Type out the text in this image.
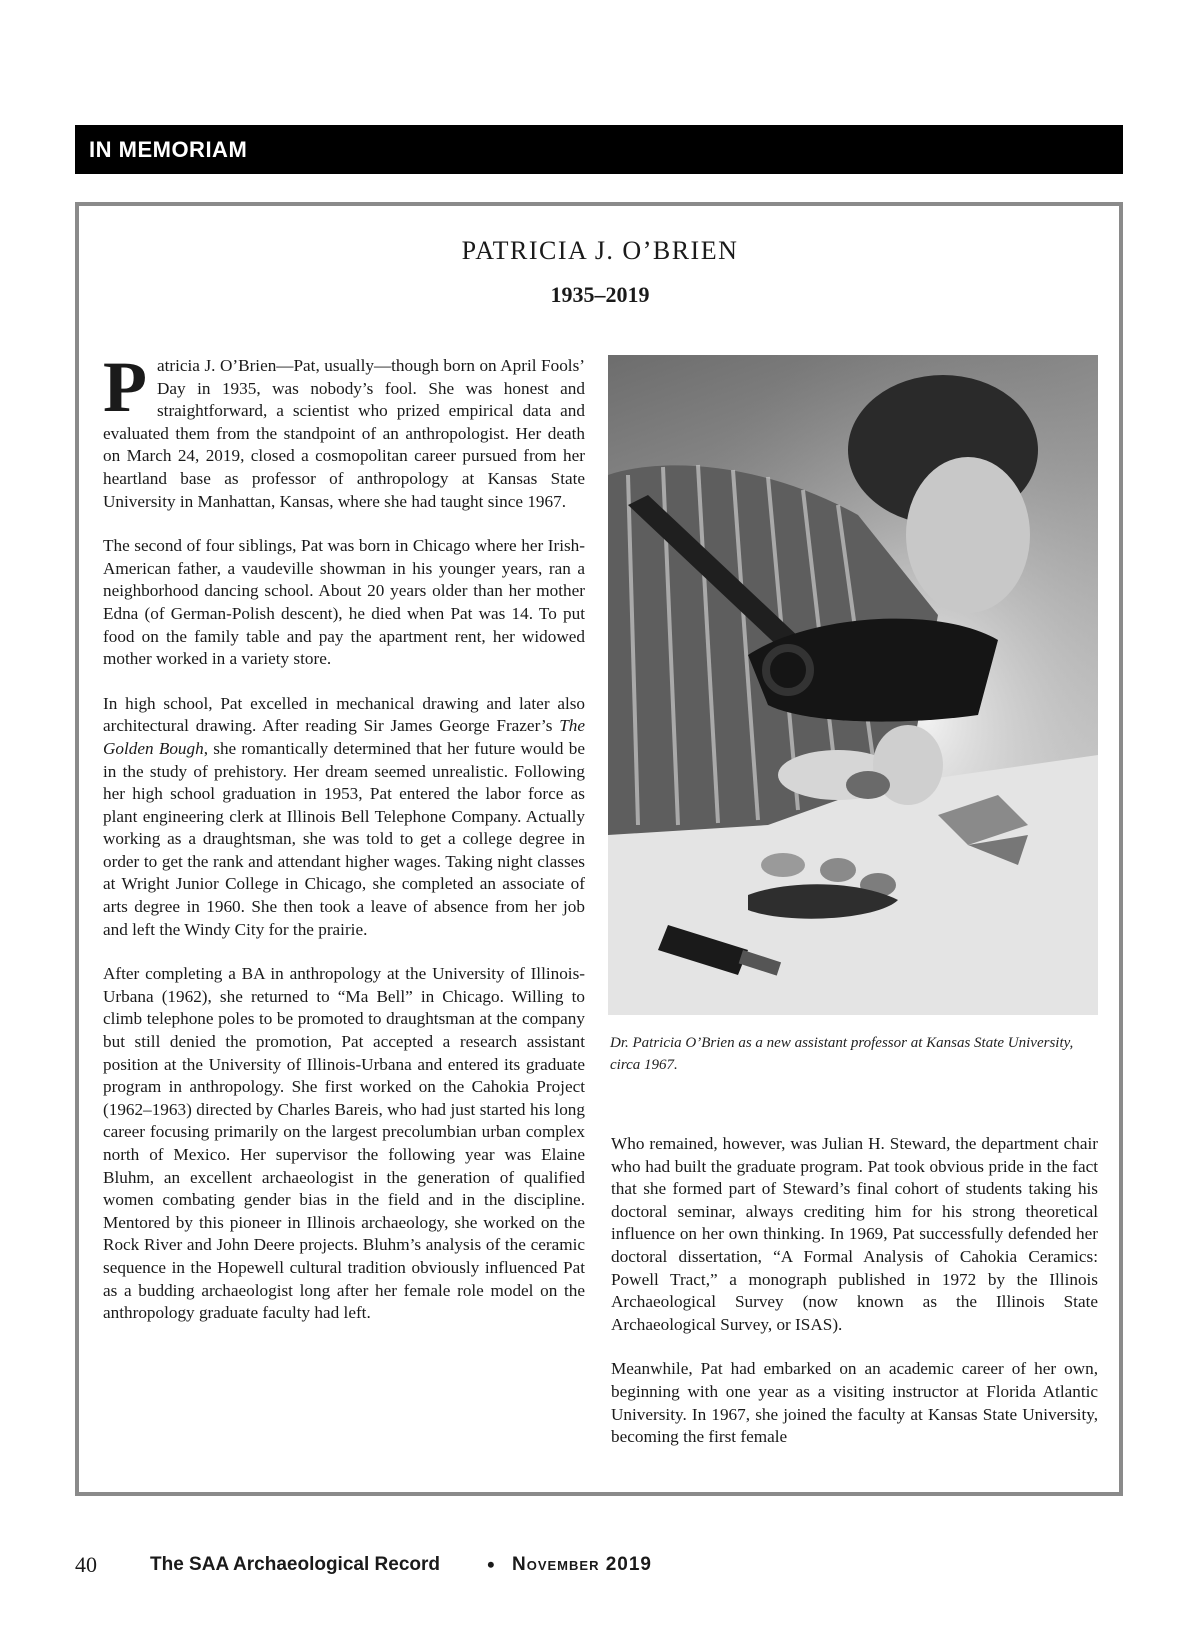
IN MEMORIAM
PATRICIA J. O’BRIEN
1935–2019

Patricia J. O’Brien—Pat, usually—though born on April Fools’ Day in 1935, was nobody’s fool. She was honest and straightforward, a scientist who prized empirical data and evaluated them from the standpoint of an anthropologist. Her death on March 24, 2019, closed a cosmopolitan career pursued from her heartland base as professor of anthropology at Kansas State University in Manhattan, Kansas, where she had taught since 1967.

The second of four siblings, Pat was born in Chicago where her Irish-American father, a vaudeville showman in his younger years, ran a neighborhood dancing school. About 20 years older than her mother Edna (of German-Polish descent), he died when Pat was 14. To put food on the family table and pay the apartment rent, her widowed mother worked in a variety store.

In high school, Pat excelled in mechanical drawing and later also architectural drawing. After reading Sir James George Frazer’s The Golden Bough, she romantically determined that her future would be in the study of prehistory. Her dream seemed unrealistic. Following her high school graduation in 1953, Pat entered the labor force as plant engineering clerk at Illinois Bell Telephone Company. Actually working as a draughtsman, she was told to get a college degree in order to get the rank and attendant higher wages. Taking night classes at Wright Junior College in Chicago, she completed an associate of arts degree in 1960. She then took a leave of absence from her job and left the Windy City for the prairie.

After completing a BA in anthropology at the University of Illinois-Urbana (1962), she returned to “Ma Bell” in Chicago. Willing to climb telephone poles to be promoted to draughtsman at the company but still denied the promotion, Pat accepted a research assistant position at the University of Illinois-Urbana and entered its graduate program in anthropology. She first worked on the Cahokia Project (1962–1963) directed by Charles Bareis, who had just started his long career focusing primarily on the largest precolumbian urban complex north of Mexico. Her supervisor the following year was Elaine Bluhm, an excellent archaeologist in the generation of qualified women combating gender bias in the field and in the discipline. Mentored by this pioneer in Illinois archaeology, she worked on the Rock River and John Deere projects. Bluhm’s analysis of the ceramic sequence in the Hopewell cultural tradition obviously influenced Pat as a budding archaeologist long after her female role model on the anthropology graduate faculty had left.

Dr. Patricia O’Brien as a new assistant professor at Kansas State University, circa 1967.

Who remained, however, was Julian H. Steward, the department chair who had built the graduate program. Pat took obvious pride in the fact that she formed part of Steward’s final cohort of students taking his doctoral seminar, always crediting him for his strong theoretical influence on her own thinking. In 1969, Pat successfully defended her doctoral dissertation, “A Formal Analysis of Cahokia Ceramics: Powell Tract,” a monograph published in 1972 by the Illinois Archaeological Survey (now known as the Illinois State Archaeological Survey, or ISAS).

Meanwhile, Pat had embarked on an academic career of her own, beginning with one year as a visiting instructor at Florida Atlantic University. In 1967, she joined the faculty at Kansas State University, becoming the first female

40	The SAA Archaeological Record • November 2019
